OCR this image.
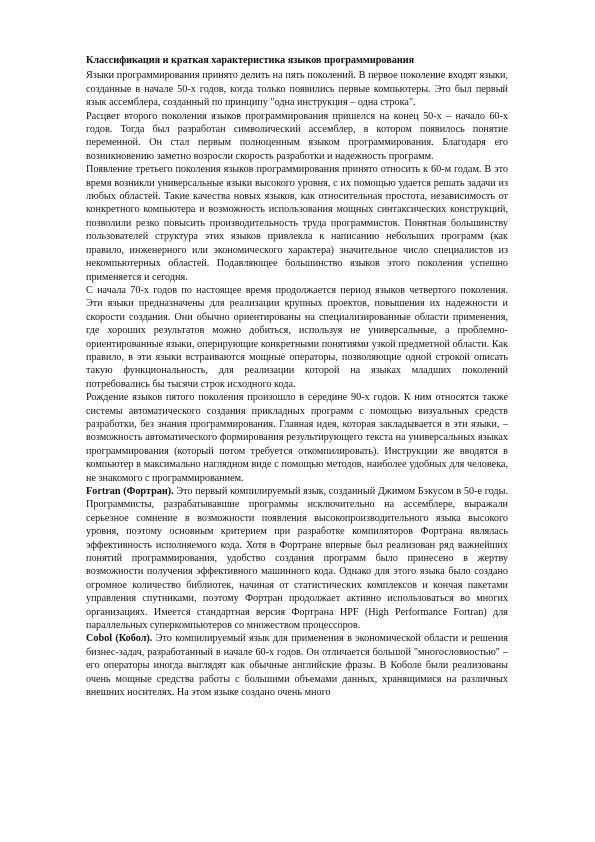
Классификация и краткая характеристика языков программирования

Языки программирования принято делить на пять поколений. В первое поколение входят языки, созданные в начале 50-х годов, когда только появились первые компьютеры. Это был первый язык ассемблера, созданный по принципу "одна инструкция – одна строка".

Расцвет второго поколения языков программирования пришелся на конец 50-х – начало 60-х годов. Тогда был разработан символический ассемблер, в котором появилось понятие переменной. Он стал первым полноценным языком программирования. Благодаря его возникновению заметно возросли скорость разработки и надежность программ.

Появление третьего поколения языков программирования принято относить к 60-м годам. В это время возникли универсальные языки высокого уровня, с их помощью удается решать задачи из любых областей. Такие качества новых языков, как относительная простота, независимость от конкретного компьютера и возможность использования мощных синтаксических конструкций, позволили резко повысить производительность труда программистов. Понятная большинству пользователей структура этих языков привлекла к написанию небольших программ (как правило, инженерного или экономического характера) значительное число специалистов из некомпьютерных областей. Подавляющее большинство языков этого поколения успешно применяется и сегодня.

С начала 70-х годов по настоящее время продолжается период языков четвертого поколения. Эти языки предназначены для реализации крупных проектов, повышения их надежности и скорости создания. Они обычно ориентированы на специализированные области применения, где хороших результатов можно добиться, используя не универсальные, а проблемно-ориентированные языки, оперирующие конкретными понятиями узкой предметной области. Как правило, в эти языки встраиваются мощные операторы, позволяющие одной строкой описать такую функциональность, для реализации которой на языках младших поколений потребовались бы тысячи строк исходного кода.

Рождение языков пятого поколения произошло в середине 90-х годов. К ним относятся также системы автоматического создания прикладных программ с помощью визуальных средств разработки, без знания программирования. Главная идея, которая закладывается в эти языки, – возможность автоматического формирования результирующего текста на универсальных языках программирования (который потом требуется откомпилировать). Инструкции же вводятся в компьютер в максимально наглядном виде с помощью методов, наиболее удобных для человека, не знакомого с программированием.

Fortran (Фортран). Это первый компилируемый язык, созданный Джимом Бэкусом в 50-е годы. Программисты, разрабатывавшие программы исключительно на ассемблере, выражали серьезное сомнение в возможности появления высокопроизводительного языка высокого уровня, поэтому основным критерием при разработке компиляторов Фортрана являлась эффективность исполняемого кода. Хотя в Фортране впервые был реализован ряд важнейших понятий программирования, удобство создания программ было принесено в жертву возможности получения эффективного машинного кода. Однако для этого языка было создано огромное количество библиотек, начиная от статистических комплексов и кончая пакетами управления спутниками, поэтому Фортран продолжает активно использоваться во многих организациях. Имеется стандартная версия Фортрана HPF (High Performance Fortran) для параллельных суперкомпьютеров со множеством процессоров.

Cobol (Кобол). Это компилируемый язык для применения в экономической области и решения бизнес-задач, разработанный в начале 60-х годов. Он отличается большой "многословностью" – его операторы иногда выглядят как обычные английские фразы. В Коболе были реализованы очень мощные средства работы с большими объемами данных, хранящимися на различных внешних носителях. На этом языке создано очень много
